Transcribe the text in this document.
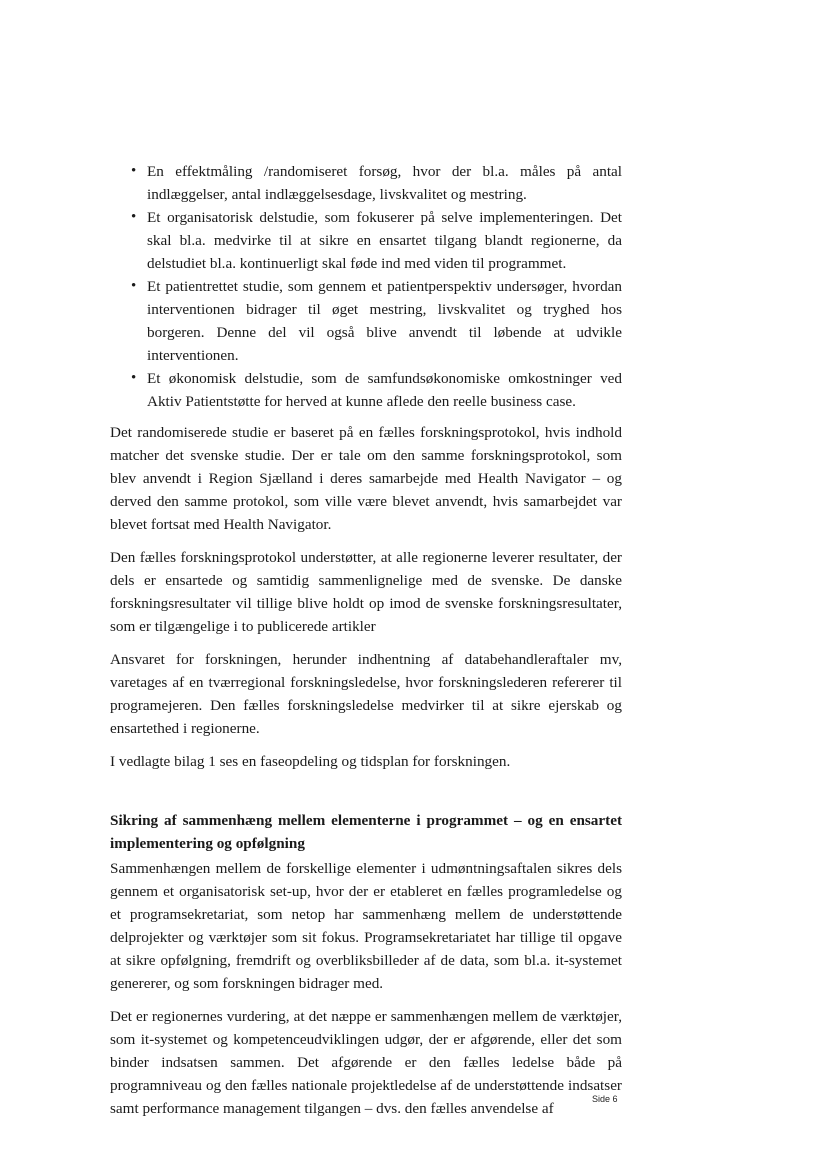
• En effektmåling /randomiseret forsøg, hvor der bl.a. måles på antal indlæggelser, antal indlæggelsesdage, livskvalitet og mestring.
• Et organisatorisk delstudie, som fokuserer på selve implementeringen. Det skal bl.a. medvirke til at sikre en ensartet tilgang blandt regionerne, da delstudiet bl.a. kontinuerligt skal føde ind med viden til programmet.
• Et patientrettet studie, som gennem et patientperspektiv undersøger, hvordan interventionen bidrager til øget mestring, livskvalitet og tryghed hos borgeren. Denne del vil også blive anvendt til løbende at udvikle interventionen.
• Et økonomisk delstudie, som de samfundsøkonomiske omkostninger ved Aktiv Patientstøtte for herved at kunne aflede den reelle business case.

Det randomiserede studie er baseret på en fælles forskningsprotokol, hvis indhold matcher det svenske studie. Der er tale om den samme forskningsprotokol, som blev anvendt i Region Sjælland i deres samarbejde med Health Navigator – og derved den samme protokol, som ville være blevet anvendt, hvis samarbejdet var blevet fortsat med Health Navigator.

Den fælles forskningsprotokol understøtter, at alle regionerne leverer resultater, der dels er ensartede og samtidig sammenlignelige med de svenske. De danske forskningsresultater vil tillige blive holdt op imod de svenske forskningsresultater, som er tilgængelige i to publicerede artikler

Ansvaret for forskningen, herunder indhentning af databehandleraftaler mv, varetages af en tværregional forskningsledelse, hvor forskningslederen refererer til programejeren. Den fælles forskningsledelse medvirker til at sikre ejerskab og ensartethed i regionerne.

I vedlagte bilag 1 ses en faseopdeling og tidsplan for forskningen.

Sikring af sammenhæng mellem elementerne i programmet – og en ensartet implementering og opfølgning

Sammenhængen mellem de forskellige elementer i udmøntningsaftalen sikres dels gennem et organisatorisk set-up, hvor der er etableret en fælles programledelse og et programsekretariat, som netop har sammenhæng mellem de understøttende delprojekter og værktøjer som sit fokus. Programsekretariatet har tillige til opgave at sikre opfølgning, fremdrift og overbliksbilleder af de data, som bl.a. it-systemet genererer, og som forskningen bidrager med.

Det er regionernes vurdering, at det næppe er sammenhængen mellem de værktøjer, som it-systemet og kompetenceudviklingen udgør, der er afgørende, eller det som binder indsatsen sammen. Det afgørende er den fælles ledelse både på programniveau og den fælles nationale projektledelse af de understøttende indsatser samt performance management tilgangen – dvs. den fælles anvendelse af

Side 6
